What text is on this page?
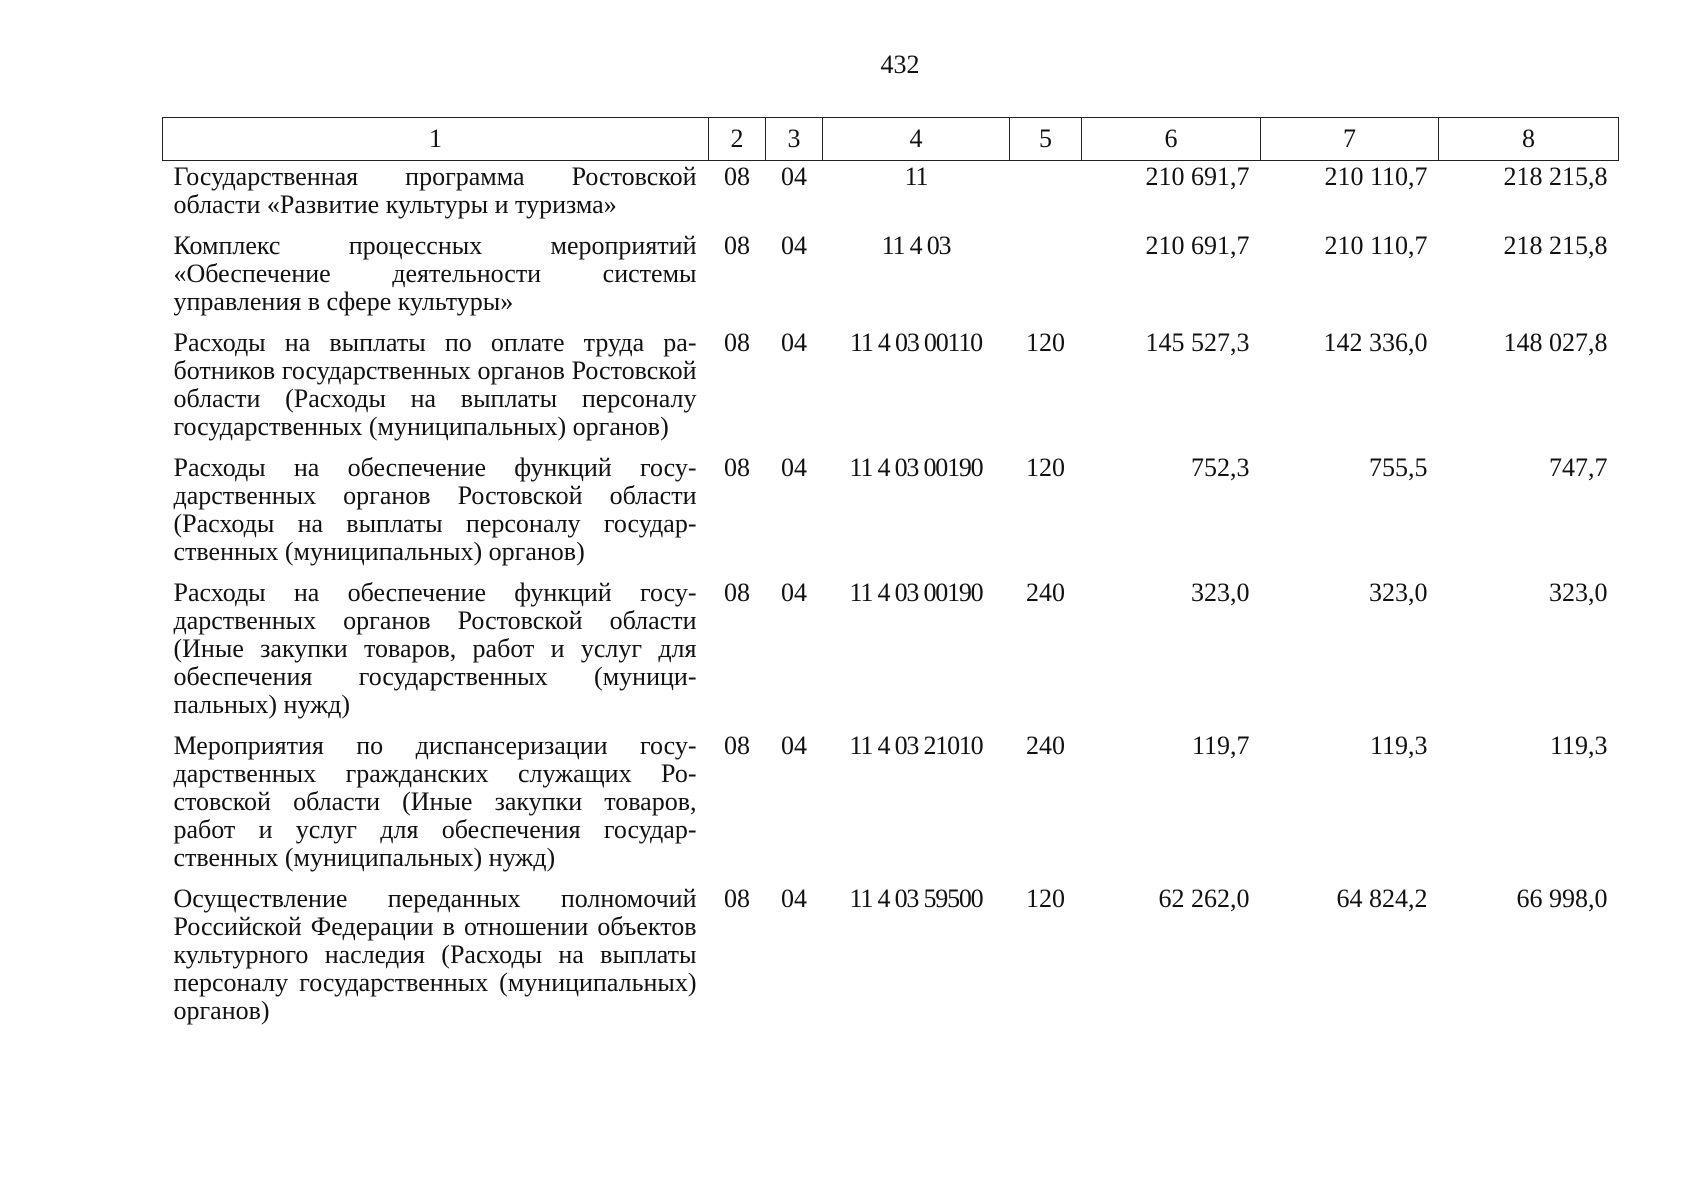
432
1	2	3	4	5	6	7	8
Государственная программа Ростовской области «Развитие культуры и туризма»	08	04	11		210 691,7	210 110,7	218 215,8
Комплекс процессных мероприятий «Обеспечение деятельности системы управления в сфере культуры»	08	04	11 4 03		210 691,7	210 110,7	218 215,8
Расходы на выплаты по оплате труда работников государственных органов Ростовской области (Расходы на выплаты персоналу государственных (муниципальных) органов)	08	04	11 4 03 00110	120	145 527,3	142 336,0	148 027,8
Расходы на обеспечение функций государственных органов Ростовской области (Расходы на выплаты персоналу государственных (муниципальных) органов)	08	04	11 4 03 00190	120	752,3	755,5	747,7
Расходы на обеспечение функций государственных органов Ростовской области (Иные закупки товаров, работ и услуг для обеспечения государственных (муниципальных) нужд)	08	04	11 4 03 00190	240	323,0	323,0	323,0
Мероприятия по диспансеризации государственных гражданских служащих Ростовской области (Иные закупки товаров, работ и услуг для обеспечения государственных (муниципальных) нужд)	08	04	11 4 03 21010	240	119,7	119,3	119,3
Осуществление переданных полномочий Российской Федерации в отношении объектов культурного наследия (Расходы на выплаты персоналу государственных (муниципальных) органов)	08	04	11 4 03 59500	120	62 262,0	64 824,2	66 998,0
